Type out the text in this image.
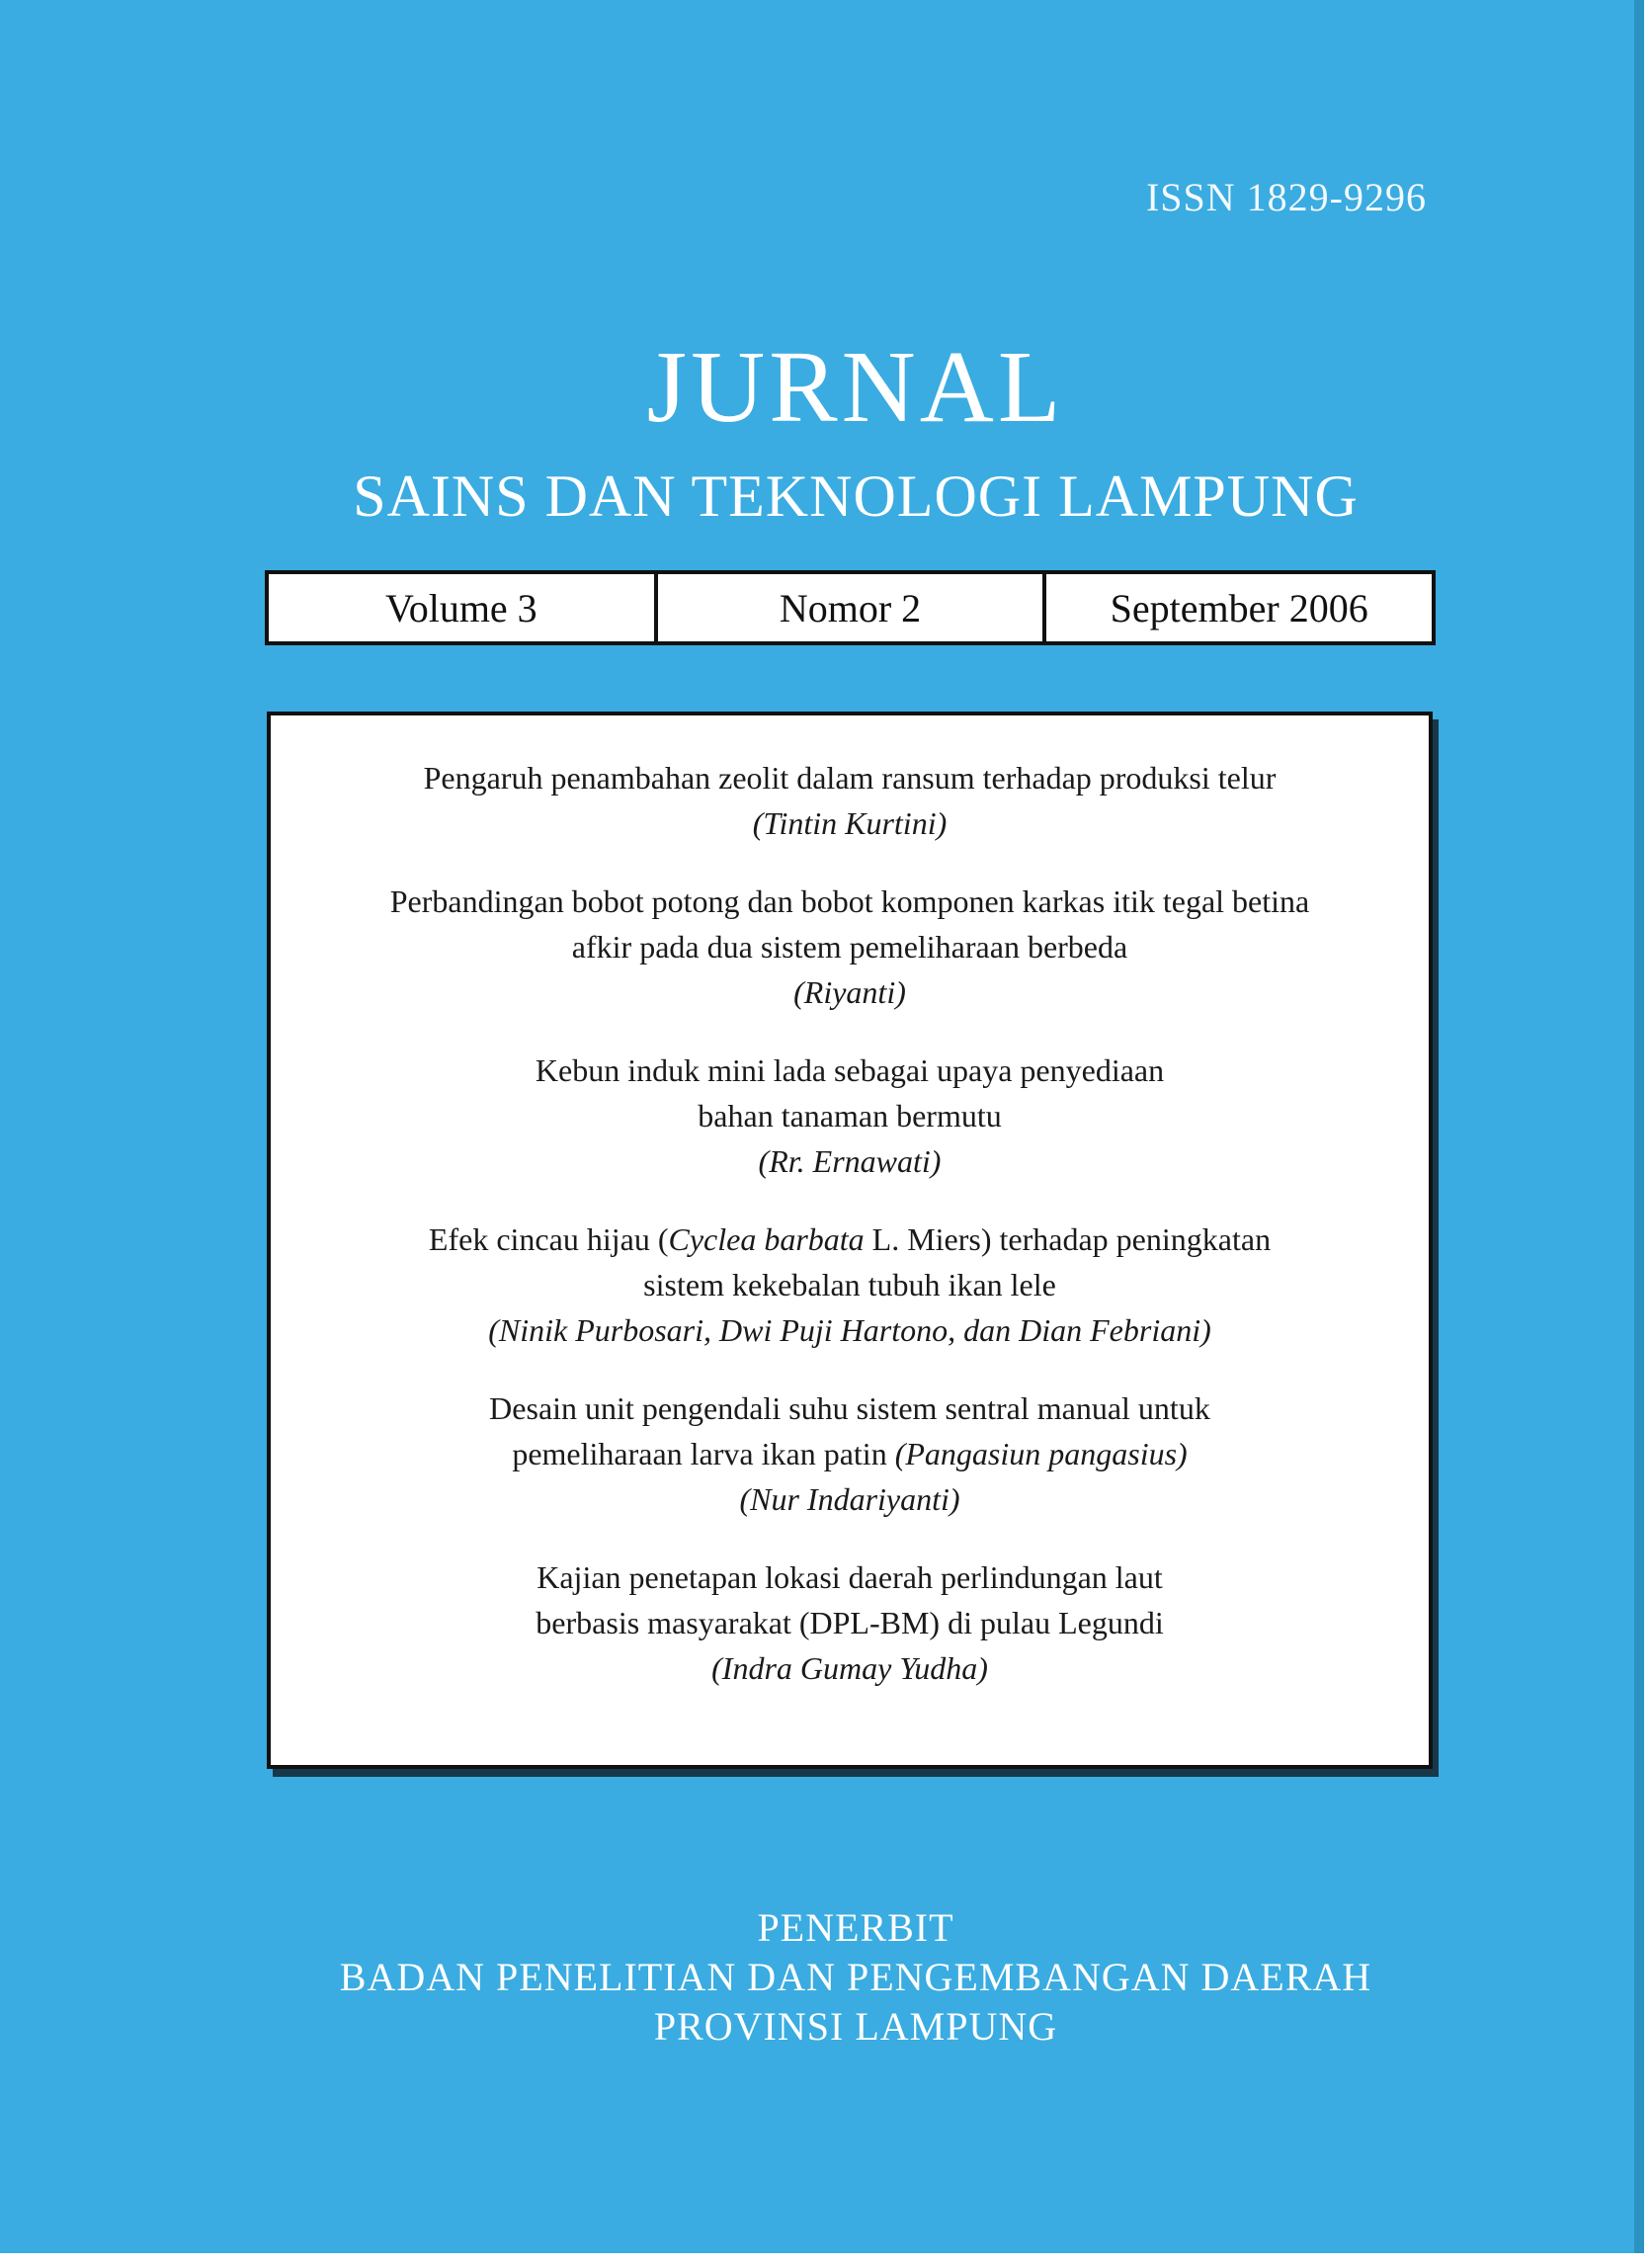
ISSN 1829-9296
JURNAL
SAINS DAN TEKNOLOGI LAMPUNG
Volume 3	Nomor 2	September 2006
Pengaruh penambahan zeolit dalam ransum terhadap produksi telur
(Tintin Kurtini)
Perbandingan bobot potong dan bobot komponen karkas itik tegal betina
afkir pada dua sistem pemeliharaan berbeda
(Riyanti)
Kebun induk mini lada sebagai upaya penyediaan
bahan tanaman bermutu
(Rr. Ernawati)
Efek cincau hijau (Cyclea barbata L. Miers) terhadap peningkatan
sistem kekebalan tubuh ikan lele
(Ninik Purbosari, Dwi Puji Hartono, dan Dian Febriani)
Desain unit pengendali suhu sistem sentral manual untuk
pemeliharaan larva ikan patin (Pangasiun pangasius)
(Nur Indariyanti)
Kajian penetapan lokasi daerah perlindungan laut
berbasis masyarakat (DPL-BM) di pulau Legundi
(Indra Gumay Yudha)
PENERBIT
BADAN PENELITIAN DAN PENGEMBANGAN DAERAH
PROVINSI LAMPUNG
